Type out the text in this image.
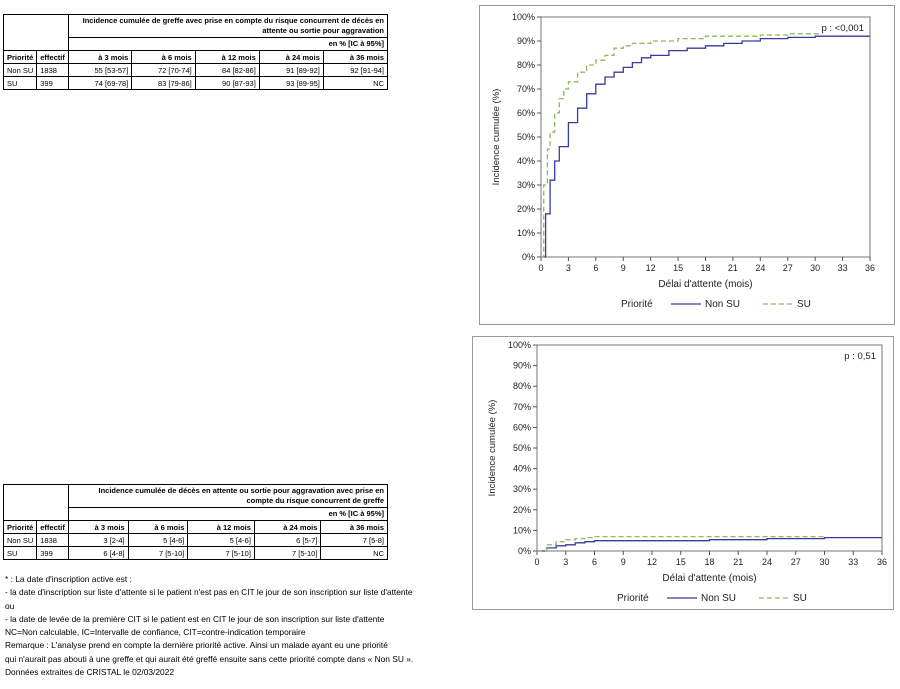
		Incidence cumulée de greffe avec prise en compte du risque concurrent de décès en attente ou sortie pour aggravation				
		en % [IC à 95%]				
Priorité	effectif	à 3 mois	à 6 mois	à 12 mois	à 24 mois	à 36 mois
Non SU	1838	55 [53-57]	72 [70-74]	84 [82-86]	91 [89-92]	92 [91-94]
SU	399	74 [69-78]	83 [79-86]	90 [87-93]	93 [89-95]	NC
		Incidence cumulée de décès en attente ou sortie pour aggravation avec prise en compte du risque concurrent de greffe				
		en % [IC à 95%]				
Priorité	effectif	à 3 mois	à 6 mois	à 12 mois	à 24 mois	à 36 mois
Non SU	1838	3 [2-4]	5 [4-6]	5 [4-6]	6 [5-7]	7 [5-8]
SU	399	6 [4-8]	7 [5-10]	7 [5-10]	7 [5-10]	NC
* : La date d'inscription active est :
- la date d'inscription sur liste d'attente si le patient n'est pas en CIT le jour de son inscription sur liste d'attente
ou
- la date de levée de la première CIT si le patient est en CIT le jour de son inscription sur liste d'attente
NC=Non calculable, IC=Intervalle de confiance, CIT=contre-indication temporaire
Remarque : L'analyse prend en compte la dernière priorité active. Ainsi un malade ayant eu une priorité
qui n'aurait pas abouti à une greffe et qui aurait été greffé ensuite sans cette priorité compte dans « Non SU ».
Données extraites de CRISTAL le 02/03/2022
0%
10%
20%
30%
40%
50%
60%
70%
80%
90%
100%
0 3 6 9 12 15 18 21 24 27 30 33 36
Délai d'attente (mois)
Incidence cumulée (%)
p : <0,001
Priorité	Non SU	SU
0%
10%
20%
30%
40%
50%
60%
70%
80%
90%
100%
0	3	6	9 12 15 18 21 24 27 30 33 36
Délai d'attente (mois)
Incidence cumulée (%)
p : 0,51
Priorité	Non SU	SU
